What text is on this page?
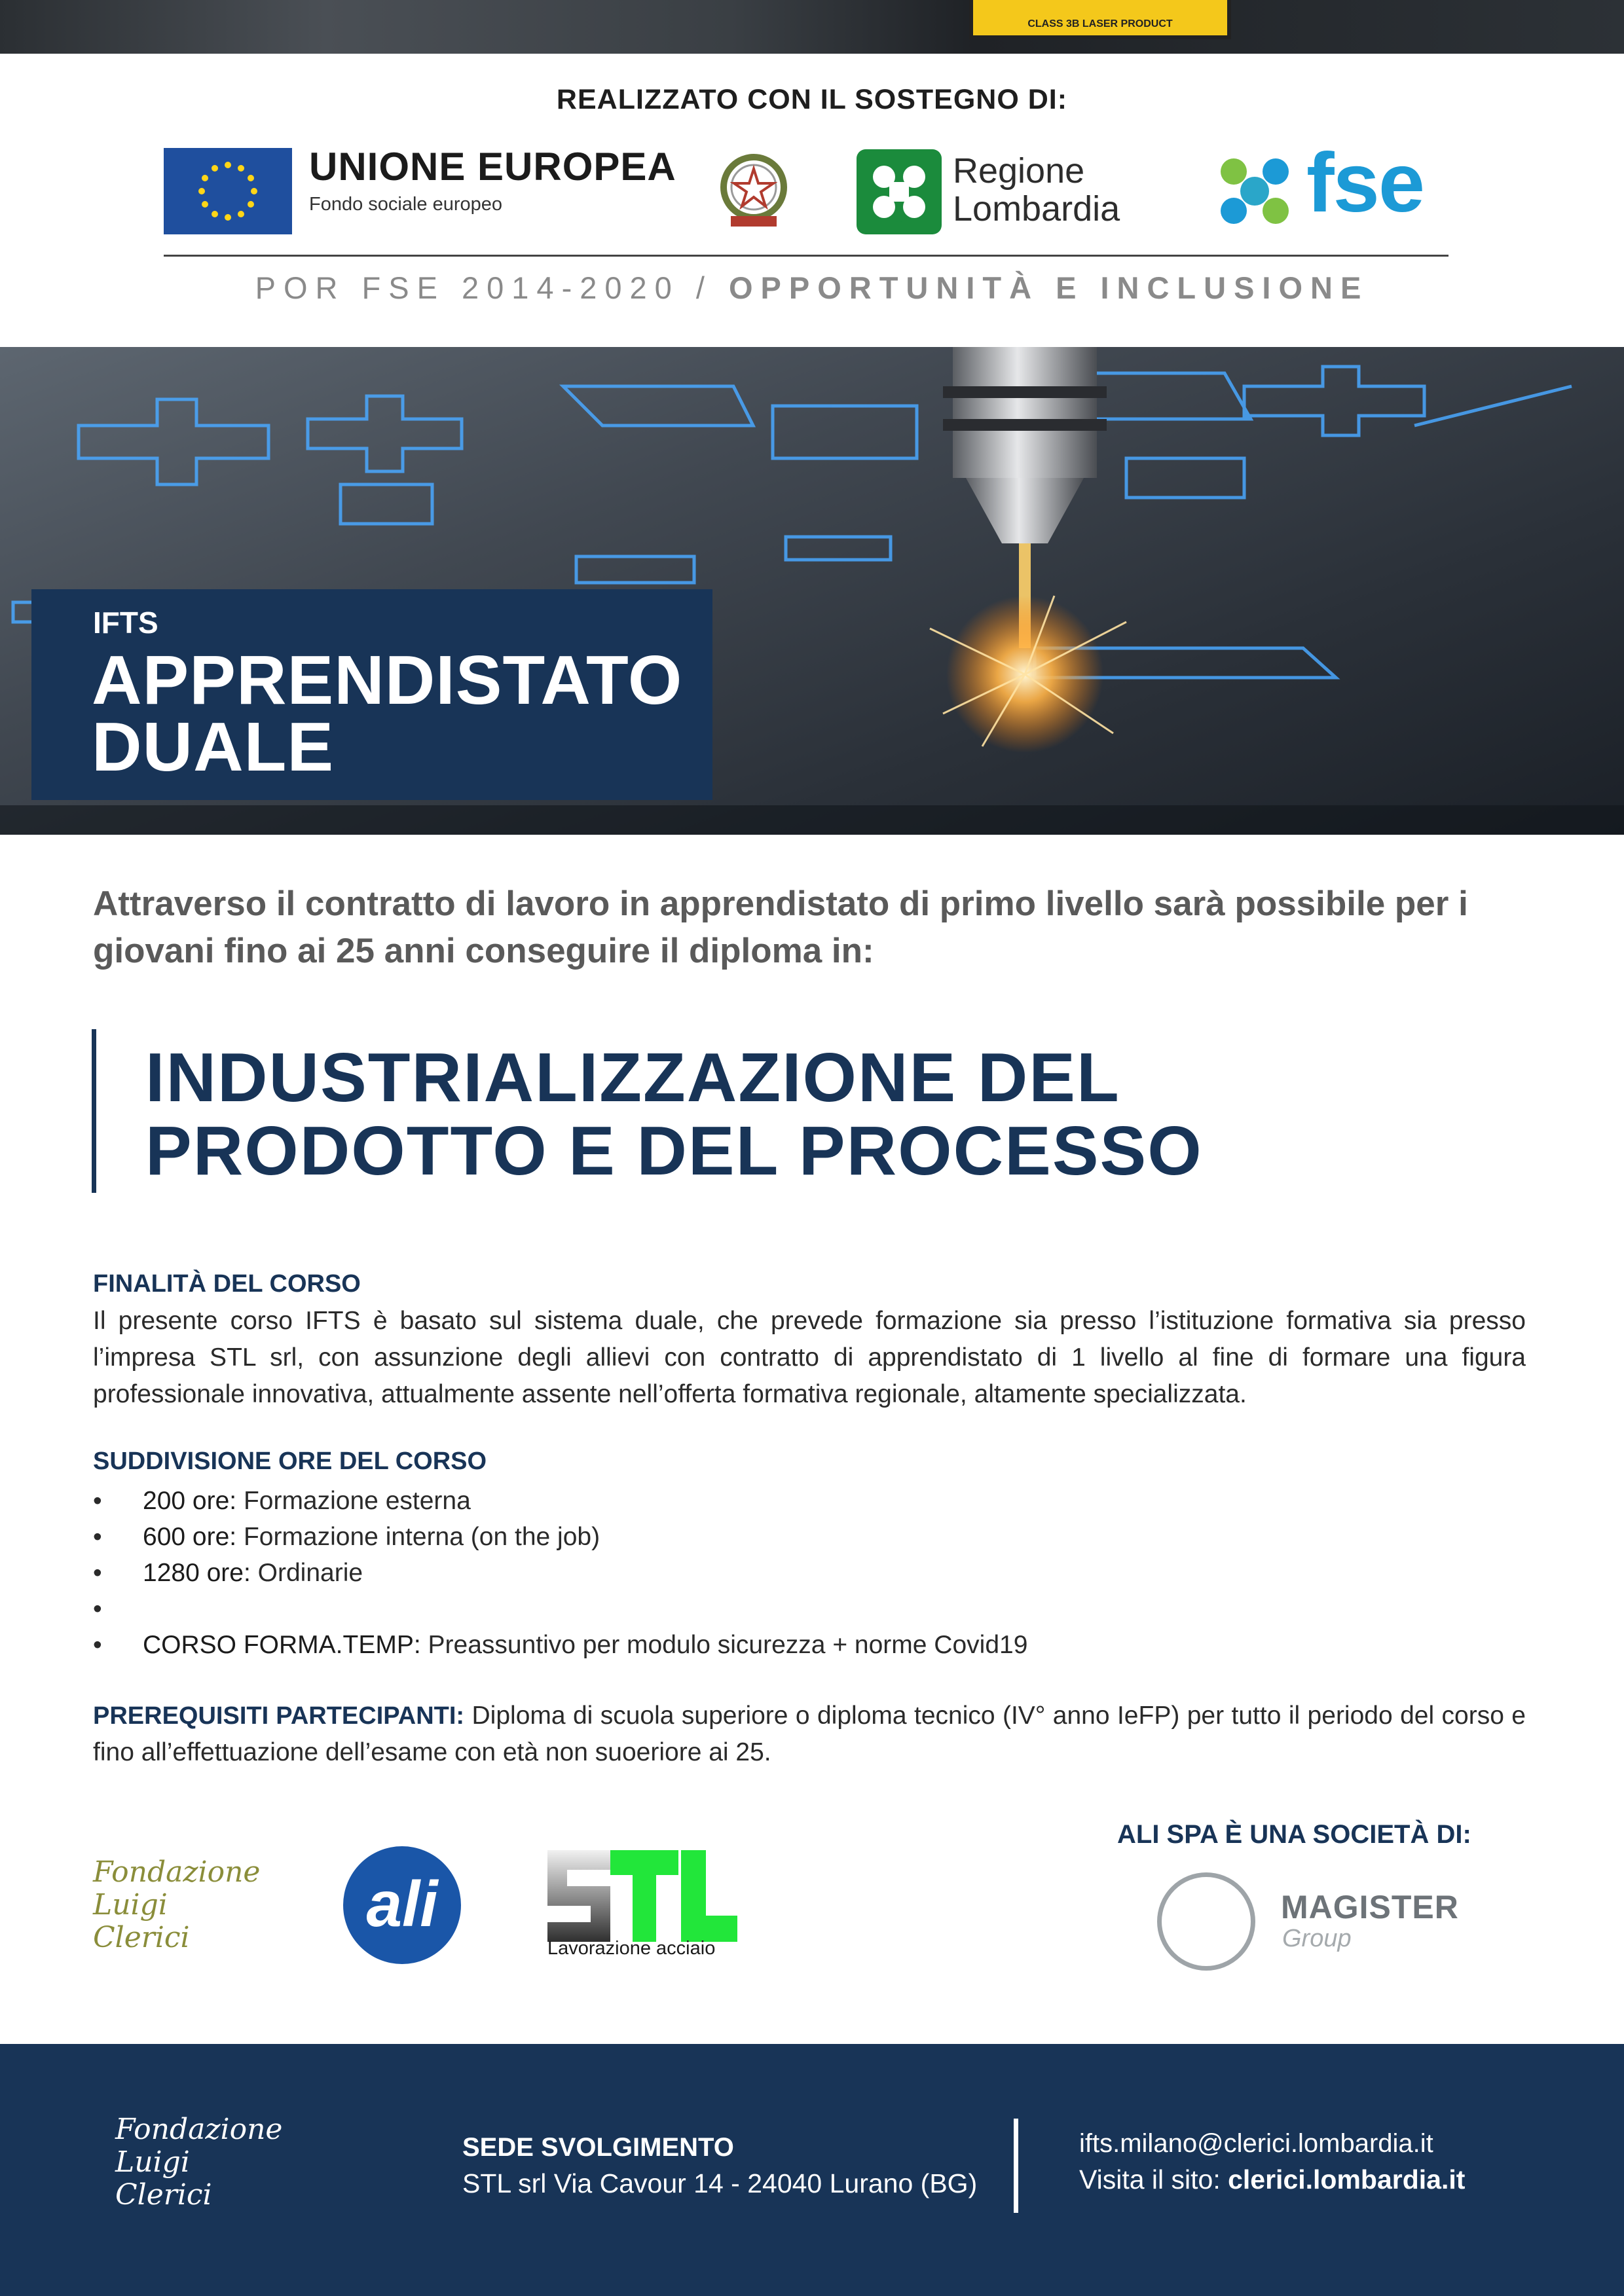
CLASS 3B LASER PRODUCT
REALIZZATO CON IL SOSTEGNO DI:
UNIONE EUROPEA
Fondo sociale europeo
Regione
Lombardia fse
POR FSE 2014-2020 / OPPORTUNITÀ E INCLUSIONE
IFTS
APPRENDISTATO
DUALE
Attraverso il contratto di lavoro in apprendistato di primo livello sarà possibile per i giovani fino ai 25 anni conseguire il diploma in:
INDUSTRIALIZZAZIONE DEL
PRODOTTO E DEL PROCESSO
FINALITÀ DEL CORSO
Il presente corso IFTS è basato sul sistema duale, che prevede formazione sia presso l’istituzione formativa sia presso l’impresa STL srl, con assunzione degli allievi con contratto di apprendistato di 1 livello al fine di formare una figura professionale innovativa, attualmente assente nell’offerta formativa regionale, altamente specializzata.
SUDDIVISIONE ORE DEL CORSO
• 200 ore: Formazione esterna
• 600 ore: Formazione interna (on the job)
• 1280 ore: Ordinarie
•
• CORSO FORMA.TEMP: Preassuntivo per modulo sicurezza + norme Covid19
PREREQUISITI PARTECIPANTI: Diploma di scuola superiore o diploma tecnico (IV° anno IeFP) per tutto il periodo del corso e fino all’effettuazione dell’esame con età non suoeriore ai 25.
Fondazione
Luigi
Clerici	ali
Lavorazione acciaio
ALI SPA È UNA SOCIETÀ DI:
MAGISTER
Group
Fondazione
Luigi
Clerici
SEDE SVOLGIMENTO
STL srl Via Cavour 14 - 24040 Lurano (BG)
ifts.milano@clerici.lombardia.it
Visita il sito: clerici.lombardia.it
